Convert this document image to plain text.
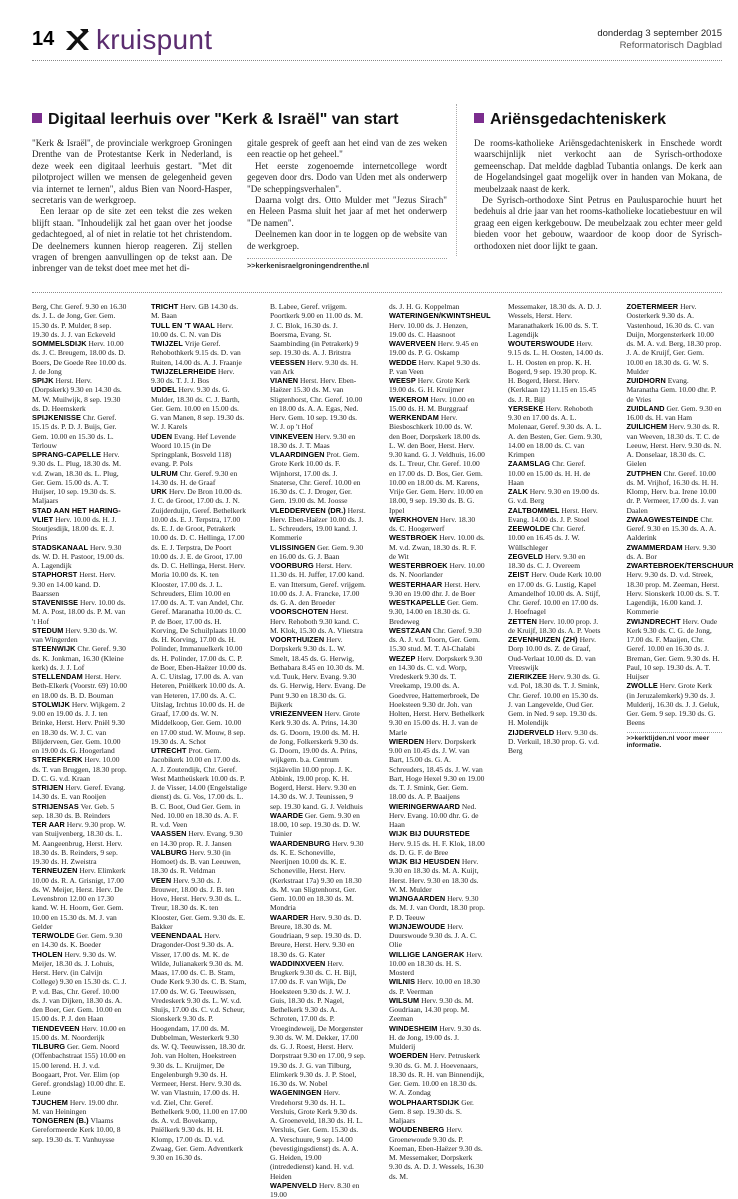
14 kruispunt	donderdag 3 september 2015
Reformatorisch Dagblad
Digitaal leerhuis over "Kerk & Israël" van start

"Kerk & Israël", de provinciale werkgroep Groningen Drenthe van de Protestantse Kerk in Nederland, is deze week een digitaal leerhuis gestart. "Met dit pilotproject willen we mensen de gelegenheid geven via internet te lernen", aldus Bien van Noord-Hasper, secretaris van de werkgroep.

Een leraar op de site zet een tekst die zes weken blijft staan. "Inhoudelijk zal het gaan over het joodse gedachtegoed, al of niet in relatie tot het christendom. De deelnemers kunnen hierop reageren. Zij stellen vragen of brengen aanvullingen op de tekst aan. De inbrenger van de tekst doet mee met het di-

gitale gesprek of geeft aan het eind van de zes weken een reactie op het geheel."

Het eerste zogenoemde internetcollege wordt gegeven door drs. Dodo van Uden met als onderwerp "De scheppingsverhalen".

Daarna volgt drs. Otto Mulder met "Jezus Sirach" en Heleen Pasma sluit het jaar af met het onderwerp "De namen".

Deelnemen kan door in te loggen op de website van de werkgroep.

>>kerkenisraelgroningendrenthe.nl
Ariënsgedachteniskerk

De rooms-katholieke Ariënsgedachteniskerk in Enschede wordt waarschijnlijk niet verkocht aan de Syrisch-orthodoxe gemeenschap. Dat meldde dagblad Tubantia onlangs. De kerk aan de Hogelandsingel gaat mogelijk over in handen van Mokana, de meubelzaak naast de kerk.

De Syrisch-orthodoxe Sint Petrus en Paulusparochie huurt het bedehuis al drie jaar van het rooms-katholieke locatiebestuur en wil graag een eigen kerkgebouw. De meubelzaak zou echter meer geld bieden voor het gebouw, waardoor de koop door de Syrisch-orthodoxen niet door lijkt te gaan.

Berg, Chr. Geref. 9.30 en 16.30 ds. J. L. de Jong, Ger. Gem. 15.30 ds. P. Mulder, 8 sep. 19.30 ds. J. J. van Eckeveld

SOMMELSDIJK Herv. 10.00 ds. J. C. Breugem, 18.00 ds. D. Boers, De Goede Ree 10.00 ds. J. de Jong

SPIJK Herst. Herv. (Dorpskerk) 9.30 en 14.30 ds. M. W. Muilwijk, 8 sep. 19.30 ds. D. Heemskerk

SPIJKENISSE Chr. Geref. 15.15 ds. P. D. J. Buijs, Ger. Gem. 10.00 en 15.30 ds. L. Terlouw

SPRANG-CAPELLE Herv. 9.30 ds. L. Plug, 18.30 ds. M. v.d. Zwan, 18.30 ds. L. Plug, Ger. Gem. 15.00 ds. A. T. Huijser, 10 sep. 19.30 ds. S. Maljaars

STAD AAN HET HARING-VLIET Herv. 10.00 ds. H. J. Stoutjesdijk, 18.00 ds. E. J. Prins

STADSKANAAL Herv. 9.30 ds. W. D. H. Pastoor, 19.00 ds. A. Lagendijk

STAPHORST Herst. Herv. 9.30 en 14.00 kand. D. Baarssen

STAVENISSE Herv. 10.00 ds. M. A. Post, 18.00 ds. P. M. van 't Hof

STEDUM Herv. 9.30 ds. W. van Wingerden

STEENWIJK Chr. Geref. 9.30 ds. K. Jonkman, 16.30 (Kleine kerk) ds. J. J. Lof

STELLENDAM Herst. Herv. Beth-Elkerk (Voorstr. 69) 10.00 en 18.00 ds. B. D. Bouman

STOLWIJK Herv. Wijkgem. 2 9.00 en 19.00 ds. J. J. ten Brinke, Herst. Herv. Pniël 9.30 en 18.30 ds. W. J. C. van Blijderveen, Ger. Gem. 10.00 en 19.00 ds. G. Hoogerland

STREEFKERK Herv. 10.00 ds. T. van Bruggen, 18.30 prop. D. C. G. v.d. Kraan

STRIJEN Herv. Geref. Evang. 14.30 ds. E. van Rooijen

STRIJENSAS Ver. Geb. 5 sep. 18.30 ds. B. Reinders

TER AAR Herv. 9.30 prop. W. van Stuijvenberg, 18.30 ds. L. M. Aangeenbrug, Herst. Herv. 18.30 ds. B. Reinders, 9 sep. 19.30 ds. H. Zweistra

TERNEUZEN Herv. Elimkerk 10.00 ds. R. A. Grisnigt, 17.00 ds. W. Meijer, Herst. Herv. De Levensbron 12.00 en 17.30 kand. W. H. Hoorn, Ger. Gem. 10.00 en 15.30 ds. M. J. van Gelder

TERWOLDE Ger. Gem. 9.30 en 14.30 ds. K. Boeder

THOLEN Herv. 9.30 ds. W. Meijer, 18.30 ds. J. Lohuis, Herst. Herv. (in Calvijn College) 9.30 en 15.30 ds. C. J. P. v.d. Bas, Chr. Geref. 10.00 ds. J. van Dijken, 18.30 ds. A. den Boer, Ger. Gem. 10.00 en 15.00 ds. P. J. den Haan

TIENDEVEEN Herv. 10.00 en 15.00 ds. M. Noorderijk

TILBURG Ger. Gem. Noord (Offenbachstraat 155) 10.00 en 15.00 lerend. H. J. v.d. Boogaart, Prot. Ver. Elim (op Geref. grondslag) 10.00 dhr. E. Leune

TJUCHEM Herv. 19.00 dhr. M. van Heiningen

TONGEREN (B.) Vlaams Gereformeerde Kerk 10.00, 8 sep. 19.30 ds. T. Vanhuysse

TRICHT Herv. GB 14.30 ds. M. Baan

TULL EN 'T WAAL Herv. 10.00 ds. C. N. van Dis

TWIJZEL Vrije Geref. Rehobothkerk 9.15 ds. D. van Ruiten, 14.00 ds. A. J. Fraanje

TWIJZELERHEIDE Herv. 9.30 ds. T. J. J. Bos

UDDEL Herv. 9.30 ds. G. Mulder, 18.30 ds. C. J. Barth, Ger. Gem. 10.00 en 15.00 ds. G. van Manen, 8 sep. 19.30 ds. W. J. Karels

UDEN Evang. Hef Levende Woord 10.15 (in De Springplank, Bosveld 118) evang. P. Pols

ULRUM Chr. Geref. 9.30 en 14.30 ds. H. de Graaf

URK Herv. De Bron 10.00 ds. J. C. de Groot, 17.00 ds. J. N. Zuijderduijn, Geref. Bethelkerk 10.00 ds. E. J. Terpstra, 17.00 ds. E. J. de Groot, Petrakerk 10.00 ds. D. C. Hellinga, 17.00 ds. E. J. Terpstra, De Poort 10.00 ds. J. E. de Groot, 17.00 ds. D. C. Hellinga, Herst. Herv. Moria 10.00 ds. K. ten Klooster, 17.00 ds. J. L. Schreuders, Elim 10.00 en 17.00 ds. A. T. van Andel, Chr. Geref. Maranatha 10.00 ds. C. P. de Boer, 17.00 ds. H. Korving, De Schuilplaats 10.00 ds. H. Korving, 17.00 ds. H. Polinder, Immanuelkerk 10.00 ds. H. Polinder, 17.00 ds. C. P. de Boer, Eben-Haëzer 10.00 ds. A. C. Uitslag, 17.00 ds. A. van Heteren, Pniëlkerk 10.00 ds. A. van Heteren, 17.00 ds. A. C. Uitslag, Irchtus 10.00 ds. H. de Graaf, 17.00 ds. W. N. Middelkoop, Ger. Gem. 10.00 en 17.00 stud. W. Mouw, 8 sep. 19.30 ds. A. Schot

UTRECHT Prot. Gem. Jacobikerk 10.00 en 17.00 ds. A. J. Zoutendijk, Chr. Geref. West Mattheüskerk 10.00 ds. P. J. de Visser, 14.00 (Engelstalige dienst) ds. G. Vos, 17.00 ds. L. B. C. Boot, Oud Ger. Gem. in Ned. 10.00 en 18.30 ds. A. F. R. v.d. Veen

VAASSEN Herv. Evang. 9.30 en 14.30 prop. R. J. Jansen

VALBURG Herv. 9.30 (in Homoet) ds. B. van Leeuwen, 18.30 ds. R. Veldman

VEEN Herv. 9.30 ds. J. Brouwer, 18.00 ds. J. B. ten Hove, Herst. Herv. 9.30 ds. L. Treur, 18.30 ds. K. ten Klooster, Ger. Gem. 9.30 ds. E. Bakker

VEENENDAAL Herv. Dragonder-Oost 9.30 ds. A. Visser, 17.00 ds. M. K. de Wilde, Julianakerk 9.30 ds. M. Maas, 17.00 ds. C. B. Stam, Oude Kerk 9.30 ds. C. B. Stam, 17.00 ds. W. G. Teeuwissen, Vredeskerk 9.30 ds. L. W. v.d. Sluijs, 17.00 ds. C. v.d. Scheur, Sionskerk 9.30 ds. P. Hoogendam, 17.00 ds. M. Dubbelman, Westerkerk 9.30 ds. W. Q. Teeuwissen, 18.30 dr. Joh. van Holten, Hoekstreen 9.30 ds. L. Kruijmer, De Engelenburgh 9.30 ds. H. Vermeer, Herst. Herv. 9.30 ds. W. van Vlastuin, 17.00 ds. H. v.d. Ziel, Chr. Geref. Bethelkerk 9.00, 11.00 en 17.00 ds. A. v.d. Bovekamp, Pniëlkerk 9.30 ds. H. H. Klomp, 17.00 ds. D. v.d. Zwaag, Ger. Gem. Adventkerk 9.30 en 16.30 ds.

B. Labee, Geref. vrijgem. Poortkerk 9.00 en 11.00 ds. M. J. C. Blok, 16.30 ds. J. Boersma, Evang. St. Saambinding (in Petrakerk) 9 sep. 19.30 ds. A. J. Britstra

VEESSEN Herv. 9.30 ds. H. van Ark

VIANEN Herst. Herv. Eben-Haëzer 15.30 ds. M. van Sligtenhorst, Chr. Geref. 10.00 en 18.00 ds. A. A. Egas, Ned. Herv. Gem. 10 sep. 19.30 ds. W. J. op 't Hof

VINKEVEEN Herv. 9.30 en 18.30 ds. J. T. Maas

VLAARDINGEN Prot. Gem. Grote Kerk 10.00 ds. F. Wijnhorst, 17.00 ds. J. Snaterse, Chr. Geref. 10.00 en 16.30 ds. C. J. Droger, Ger. Gem. 19.00 ds. M. Joosse

VLEDDERVEEN (DR.) Herst. Herv. Eben-Haëzer 10.00 ds. J. L. Schreuders, 19.00 kand. J. Kommerie

VLISSINGEN Ger. Gem. 9.30 en 16.00 ds. G. J. Baan

VOORBURG Herst. Herv. 11.30 ds. H. Juffer, 17.00 kand. E. van Ittersum, Geref. vrijgem. 10.00 ds. J. A. Francke, 17.00 ds. G. A. den Broeder

VOORSCHOTEN Herst. Herv. Rehoboth 9.30 kand. C. M. Klok, 15.30 ds. A. Vlietstra

VOORTHUIZEN Herv. Dorpskerk 9.30 ds. L. W. Smelt, 18.45 ds. G. Herwig, Bethabara 8.45 en 10.30 ds. M. v.d. Tuuk, Herv. Evang. 9.30 ds. G. Herwig, Herv. Evang. De Punt 9.30 en 18.30 ds. G. Bijkerk

VRIEZENVEEN Herv. Grote Kerk 9.30 ds. A. Prins, 14.30 ds. G. Doorn, 19.00 ds. M. H. de Jong, Folkerskerk 9.30 ds. G. Doorn, 19.00 ds. A. Prins, wijkgem. b.a. Centrum Stjäävelin 10.00 prop. J. K. Abbink, 19.00 prop. K. H. Bogerd, Herst. Herv. 9.30 en 14.30 ds. W. J. Teunissen, 9 sep. 19.30 kand. G. J. Veldhuis

WAARDE Ger. Gem. 9.30 en 18.00, 10 sep. 19.30 ds. D. W. Tuinier

WAARDENBURG Herv. 9.30 ds. K. E. Schoneville, Neerijnen 10.00 ds. K. E. Schoneville, Herst. Herv. (Kerkstraat 17a) 9.30 en 18.30 ds. M. van Sligtenhorst, Ger. Gem. 10.00 en 18.30 ds. M. Mondria

WAARDER Herv. 9.30 ds. D. Breure, 18.30 ds. M. Goudriaan, 9 sep. 19.30 ds. D. Breure, Herst. Herv. 9.30 en 18.30 ds. G. Kater

WADDINXVEEN Herv. Brugkerk 9.30 ds. C. H. Bijl, 17.00 ds. F. van Wijk, De Hoeksteen 9.30 ds. J. W. J. Guis, 18.30 ds. P. Nagel, Bethelkerk 9.30 ds. A. Schroten, 17.00 ds. P. Vroegindeweij, De Morgenster 9.30 ds. W. M. Dekker, 17.00 ds. G. J. Roest, Herst. Herv. Dorpstraat 9.30 en 17.00, 9 sep. 19.30 ds. J. G. van Tilburg, Elimkerk 9.30 ds. J. P. Stoel, 16.30 ds. W. Nobel

WAGENINGEN Herv. Vredehorst 9.30 ds. H. L. Versluis, Grote Kerk 9.30 ds. A. Groeneveld, 18.30 ds. H. L. Versluis, Ger. Gem. 15.30 ds. A. Verschuure, 9 sep. 14.00 (bevestigingsdienst) ds. A. A. G. Heiden, 19.00 (intrededienst) kand. H. v.d. Heiden

WAPENVELD Herv. 8.30 en 19.00

ds. J. H. G. Koppelman

WATERINGEN/KWINTSHEUL Herv. 10.00 ds. J. Henzen, 19.00 ds. C. Haasnoot

WAVERVEEN Herv. 9.45 en 19.00 ds. P. G. Oskamp

WEDDE Herv. Kapel 9.30 ds. P. van Veen

WEESP Herv. Grote Kerk 19.00 ds. G. H. Kruijmer

WEKEROM Herv. 10.00 en 15.00 ds. H. M. Burggraaf

WERKENDAM Herv. Biesboschkerk 10.00 ds. W. den Boer, Dorpskerk 18.00 ds. L. W. den Boer, Herst. Herv. 9.30 kand. G. J. Veldhuis, 16.00 ds. L. Treur, Chr. Geref. 10.00 en 17.00 ds. D. Bos, Ger. Gem. 10.00 en 18.00 ds. M. Karens, Vrije Ger. Gem. Herv. 10.00 en 18.00, 9 sep. 19.30 ds. B. G. Ippel

WERKHOVEN Herv. 18.30 ds. C. Hoogerwerf

WESTBROEK Herv. 10.00 ds. M. v.d. Zwan, 18.30 ds. R. F. de Wit

WESTERBROEK Herv. 10.00 ds. N. Noorlander

WESTERHAAR Herst. Herv. 9.30 en 19.00 dhr. J. de Boer

WESTKAPELLE Ger. Gem. 9.30, 14.00 en 18.30 ds. G. Bredeweg

WESTZAAN Chr. Geref. 9.30 ds. A. J. v.d. Toorn, Ger. Gem. 15.30 stud. M. T. Al-Chalabi

WEZEP Herv. Dorpskerk 9.30 en 14.30 ds. C. v.d. Worp, Vredeskerk 9.30 ds. T. Vreekamp, 19.00 ds. A. Goedvree, Hattemerbroek, De Hoeksteen 9.30 dr. Joh. van Holten, Herst. Herv. Bethelkerk 9.30 en 15.00 ds. H. J. van de Marle

WIERDEN Herv. Dorpskerk 9.00 en 10.45 ds. J. W. van Bart, 15.00 ds. G. A. Schreuders, 18.45 ds. J. W. van Bart, Hoge Hexel 9.30 en 19.00 ds. T. J. Smink, Ger. Gem. 18.00 ds. A. P. Baaijens

WIERINGERWAARD Ned. Herv. Evang. 10.00 dhr. G. de Haan

WIJK BIJ DUURSTEDE Herv. 9.15 ds. H. F. Klok, 18.00 ds. D. G. F. de Bree

WIJK BIJ HEUSDEN Herv. 9.30 en 18.30 ds. M. A. Kuijt, Herst. Herv. 9.30 en 18.30 ds. W. M. Mulder

WIJNGAARDEN Herv. 9.30 ds. M. J. van Oordt, 18.30 prop. P. D. Teeuw

WIJNJEWOUDE Herv. Duurswoude 9.30 ds. J. A. C. Olie

WILLIGE LANGERAK Herv. 10.00 en 18.30 ds. H. S. Mosterd

WILNIS Herv. 10.00 en 18.30 ds. P. Veerman

WILSUM Herv. 9.30 ds. M. Goudriaan, 14.30 prop. M. Zeeman

WINDESHEIM Herv. 9.30 ds. H. de Jong, 19.00 ds. J. Mulderij

WOERDEN Herv. Petruskerk 9.30 ds. G. M. J. Hoevenaars, 18.30 ds. R. H. van Binnendijk, Ger. Gem. 10.00 en 18.30 ds. W. A. Zondag

WOLPHAARTSDIJK Ger. Gem. 8 sep. 19.30 ds. S. Maljaars

WOUDENBERG Herv. Groenewoude 9.30 ds. P. Koeman, Eben-Haëzer 9.30 ds. M. Messemaker, Dorpskerk 9.30 ds. A. D. J. Wessels, 16.30 ds. M.

Messemaker, 18.30 ds. A. D. J. Wessels, Herst. Herv. Maranathakerk 16.00 ds. S. T. Lagendijk

WOUTERSWOUDE Herv. 9.15 ds. L. H. Oosten, 14.00 ds. L. H. Oosten en prop. K. H. Bogerd, 9 sep. 19.30 prop. K. H. Bogerd, Herst. Herv. (Kerklaan 12) 11.15 en 15.45 ds. J. R. Bijl

YERSEKE Herv. Rehoboth 9.30 en 17.00 ds. A. L. Molenaar, Geref. 9.30 ds. A. L. A. den Besten, Ger. Gem. 9.30, 14.00 en 18.00 ds. C. van Krimpen

ZAAMSLAG Chr. Geref. 10.00 en 15.00 ds. H. H. de Haan

ZALK Herv. 9.30 en 19.00 ds. G. v.d. Berg

ZALTBOMMEL Herst. Herv. Evang. 14.00 ds. J. P. Stoel

ZEEWOLDE Chr. Geref. 10.00 en 16.45 ds. J. W. Wüllschleger

ZEGVELD Herv. 9.30 en 18.30 ds. C. J. Overeem

ZEIST Herv. Oude Kerk 10.00 en 17.00 ds. G. Lustig, Kapel Amandelhof 10.00 ds. A. Stijf, Chr. Geref. 10.00 en 17.00 ds. J. Hoefnagel

ZETTEN Herv. 10.00 prop. J. de Kruijf, 18.30 ds. A. P. Voets

ZEVENHUIZEN (ZH) Herv. Dorp 10.00 ds. Z. de Graaf, Oud-Verlaat 10.00 ds. D. van Vreeswijk

ZIERIKZEE Herv. 9.30 ds. G. v.d. Pol, 18.30 ds. T. J. Smink, Chr. Geref. 10.00 en 15.30 ds. J. van Langevelde, Oud Ger. Gem. in Ned. 9 sep. 19.30 ds. H. Molendijk

ZIJDERVELD Herv. 9.30 ds. D. Verkuil, 18.30 prop. G. v.d. Berg

ZOETERMEER Herv. Oosterkerk 9.30 ds. A. Vastenhoud, 16.30 ds. C. van Duijn, Morgensterkerk 10.00 ds. M. A. v.d. Berg, 18.30 prop. J. A. de Kruijf, Ger. Gem. 10.00 en 18.30 ds. G. W. S. Mulder

ZUIDHORN Evang. Maranatha Gem. 10.00 dhr. P. de Vries

ZUIDLAND Ger. Gem. 9.30 en 16.00 ds. H. van Ham

ZUILICHEM Herv. 9.30 ds. R. van Weeven, 18.30 ds. T. C. de Leeuw, Herst. Herv. 9.30 ds. N. A. Donselaar, 18.30 ds. C. Gielen

ZUTPHEN Chr. Geref. 10.00 ds. M. Vrijhof, 16.30 ds. H. H. Klomp, Herv. b.a. Irene 10.00 dr. P. Vermeer, 17.00 ds. J. van Daalen

ZWAAGWESTEINDE Chr. Geref. 9.30 en 15.30 ds. A. A. Aalderink

ZWAMMERDAM Herv. 9.30 ds. A. Bor

ZWARTEBROEK/TERSCHUUR Herv. 9.30 ds. D. v.d. Streek, 18.30 prop. M. Zeeman, Herst. Herv. Sionskerk 10.00 ds. S. T. Lagendijk, 16.00 kand. J. Kommerie

ZWIJNDRECHT Herv. Oude Kerk 9.30 ds. C. G. de Jong, 17.00 ds. F. Maaijen, Chr. Geref. 10.00 en 16.30 ds. J. Breman, Ger. Gem. 9.30 ds. H. Paul, 10 sep. 19.30 ds. A. T. Huijser

ZWOLLE Herv. Grote Kerk (in Jeruzalemkerk) 9.30 ds. J. Mulderij, 16.30 ds. J. J. Geluk, Ger. Gem. 9 sep. 19.30 ds. G. Beens

>>kerktijden.nl voor meer informatie.
